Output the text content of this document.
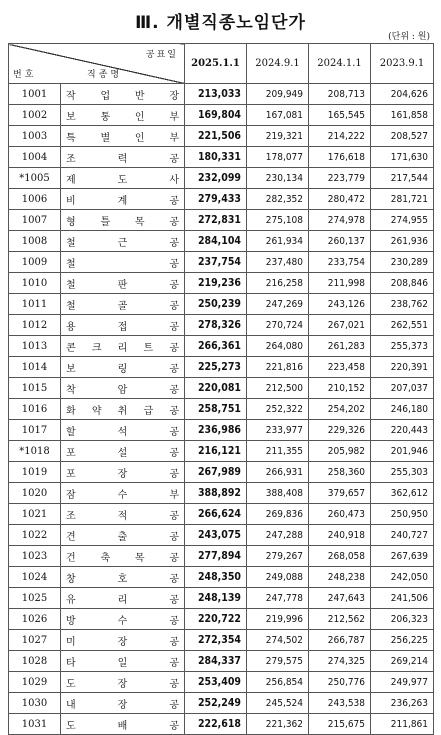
Ⅲ. 개별직종노임단가
(단위 : 원)
공표일
번호 직종명		2025.1.1	2024.9.1	2024.1.1	2023.9.1
1001	작 업 반 장	213,033	209,949	208,713	204,626
1002	보 통 인 부	169,804	167,081	165,545	161,858
1003	특 별 인 부	221,506	219,321	214,222	208,527
1004	조 력 공	180,331	178,077	176,618	171,630
*1005	제 도 사	232,099	230,134	223,779	217,544
1006	비 계 공	279,433	282,352	280,472	281,721
1007	형 틀 목 공	272,831	275,108	274,978	274,955
1008	철 근 공	284,104	261,934	260,137	261,936
1009	철 공	237,754	237,480	233,754	230,289
1010	철 판 공	219,236	216,258	211,998	208,846
1011	철 골 공	250,239	247,269	243,126	238,762
1012	용 접 공	278,326	270,724	267,021	262,551
1013	콘 크 리 트 공	266,361	264,080	261,283	255,373
1014	보 링 공	225,273	221,816	223,458	220,391
1015	착 암 공	220,081	212,500	210,152	207,037
1016	화 약 취 급 공	258,751	252,322	254,202	246,180
1017	할 석 공	236,986	233,977	229,326	220,443
*1018	포 설 공	216,121	211,355	205,982	201,946
1019	포 장 공	267,989	266,931	258,360	255,303
1020	잠 수 부	388,892	388,408	379,657	362,612
1021	조 적 공	266,624	269,836	260,473	250,950
1022	견 출 공	243,075	247,288	240,918	240,727
1023	건 축 목 공	277,894	279,267	268,058	267,639
1024	창 호 공	248,350	249,088	248,238	242,050
1025	유 리 공	248,139	247,778	247,643	241,506
1026	방 수 공	220,722	219,996	212,562	206,323
1027	미 장 공	272,354	274,502	266,787	256,225
1028	타 일 공	284,337	279,575	274,325	269,214
1029	도 장 공	253,409	256,854	250,776	249,977
1030	내 장 공	252,249	245,524	243,538	236,263
1031	도 배 공	222,618	221,362	215,675	211,861
